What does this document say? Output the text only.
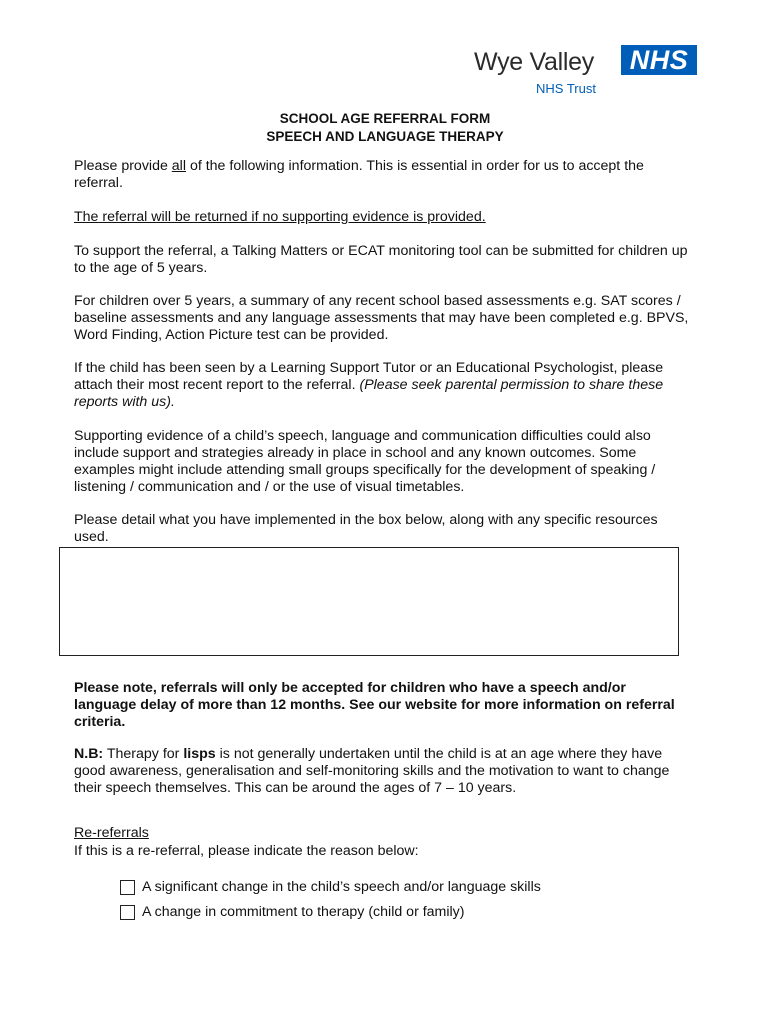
Wye Valley	NHS
NHS Trust
SCHOOL AGE REFERRAL FORM
SPEECH AND LANGUAGE THERAPY

Please provide all of the following information. This is essential in order for us to accept the referral.

The referral will be returned if no supporting evidence is provided.

To support the referral, a Talking Matters or ECAT monitoring tool can be submitted for children up to the age of 5 years.

For children over 5 years, a summary of any recent school based assessments e.g. SAT scores / baseline assessments and any language assessments that may have been completed e.g. BPVS, Word Finding, Action Picture test can be provided.

If the child has been seen by a Learning Support Tutor or an Educational Psychologist, please attach their most recent report to the referral. (Please seek parental permission to share these reports with us).

Supporting evidence of a child’s speech, language and communication difficulties could also include support and strategies already in place in school and any known outcomes. Some examples might include attending small groups specifically for the development of speaking / listening / communication and / or the use of visual timetables.

Please detail what you have implemented in the box below, along with any specific resources used.

Please note, referrals will only be accepted for children who have a speech and/or language delay of more than 12 months. See our website for more information on referral criteria.

N.B: Therapy for lisps is not generally undertaken until the child is at an age where they have good awareness, generalisation and self-monitoring skills and the motivation to want to change their speech themselves. This can be around the ages of 7 – 10 years.

Re-referrals

If this is a re-referral, please indicate the reason below:

A significant change in the child’s speech and/or language skills
A change in commitment to therapy (child or family)
